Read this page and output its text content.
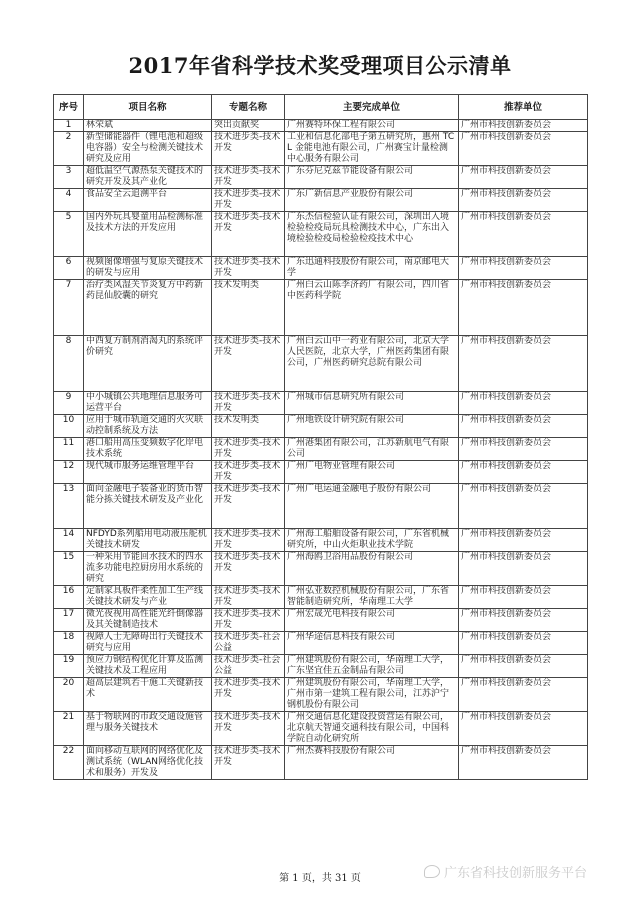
2017年省科学技术奖受理项目公示清单
序号	项目名称	专题名称	主要完成单位	推荐单位
1	林荣斌	突出贡献奖	广州赛特环保工程有限公司	广州市科技创新委员会
2	新型储能器件（锂电池和超级电容器）安全与检测关键技术研究及应用	技术进步类-技术开发	工业和信息化部电子第五研究所，惠州 TCL 金能电池有限公司，广州赛宝计量检测中心服务有限公司	广州市科技创新委员会
3	超低温空气源热泵关键技术的研究开发及其产业化	技术进步类-技术开发	广东芬尼克兹节能设备有限公司	广州市科技创新委员会
4	食品安全云追溯平台	技术进步类-技术开发	广东广新信息产业股份有限公司	广州市科技创新委员会
5	国内外玩具婴童用品检测标准及技术方法的开发应用	技术进步类-技术开发	广东杰信检验认证有限公司，深圳出入境检验检疫局玩具检测技术中心，广东出入境检验检疫局检验检疫技术中心	广州市科技创新委员会
6	视频图像增强与复原关键技术的研发与应用	技术进步类-技术开发	广东迅通科技股份有限公司，南京邮电大学	广州市科技创新委员会
7	治疗类风湿关节炎复方中药新药昆仙胶囊的研究	技术发明类	广州白云山陈李济药厂有限公司，四川省中医药科学院	广州市科技创新委员会
8	中西复方制剂消渴丸的系统评价研究	技术进步类-技术开发	广州白云山中一药业有限公司，北京大学人民医院，北京大学，广州医药集团有限公司，广州医药研究总院有限公司	广州市科技创新委员会
9	中小城镇公共地理信息服务可运营平台	技术进步类-技术开发	广州城市信息研究所有限公司	广州市科技创新委员会
10	应用于城市轨道交通的火灾联动控制系统及方法	技术发明类	广州地铁设计研究院有限公司	广州市科技创新委员会
11	港口船用高压变频数字化岸电技术系统	技术进步类-技术开发	广州港集团有限公司，江苏新航电气有限公司	广州市科技创新委员会
12	现代城市服务运维管理平台	技术进步类-技术开发	广州广电物业管理有限公司	广州市科技创新委员会
13	面向金融电子装备业的货币智能分拣关键技术研发及产业化	技术进步类-技术开发	广州广电运通金融电子股份有限公司	广州市科技创新委员会
14	NFDYD系列船用电动液压舵机关键技术研发	技术进步类-技术开发	广州海工船舶设备有限公司，广东省机械研究所，中山火炬职业技术学院	广州市科技创新委员会
15	一种采用节能回水技术的四水流多功能电控厨房用水系统的研究	技术进步类-技术开发	广州海鸥卫浴用品股份有限公司	广州市科技创新委员会
16	定制家具板件柔性加工生产线关键技术研发与产业	技术进步类-技术开发	广州弘亚数控机械股份有限公司，广东省智能制造研究所，华南理工大学	广州市科技创新委员会
17	微光夜视用高性能光纤倒像器及其关键制造技术	技术进步类-技术开发	广州宏晟光电科技有限公司	广州市科技创新委员会
18	视障人士无障碍出行关键技术研究与应用	技术进步类-社会公益	广州华途信息科技有限公司	广州市科技创新委员会
19	预应力钢结构优化计算及监测关键技术及工程应用	技术进步类-社会公益	广州建筑股份有限公司，华南理工大学，广东坚宜佳五金制品有限公司	广州市科技创新委员会
20	超高层建筑若干施工关键新技术	技术进步类-技术开发	广州建筑股份有限公司，华南理工大学，广州市第一建筑工程有限公司，江苏沪宁钢机股份有限公司	广州市科技创新委员会
21	基于物联网的市政交通设施管理与服务关键技术	技术进步类-技术开发	广州交通信息化建设投资营运有限公司，北京航天智通交通科技有限公司，中国科学院自动化研究所	广州市科技创新委员会
22	面向移动互联网的网络优化及测试系统（WLAN网络优化技术和服务）开发及	技术进步类-技术开发	广州杰赛科技股份有限公司	广州市科技创新委员会
第 1 页，共 31 页	广东省科技创新服务平台
